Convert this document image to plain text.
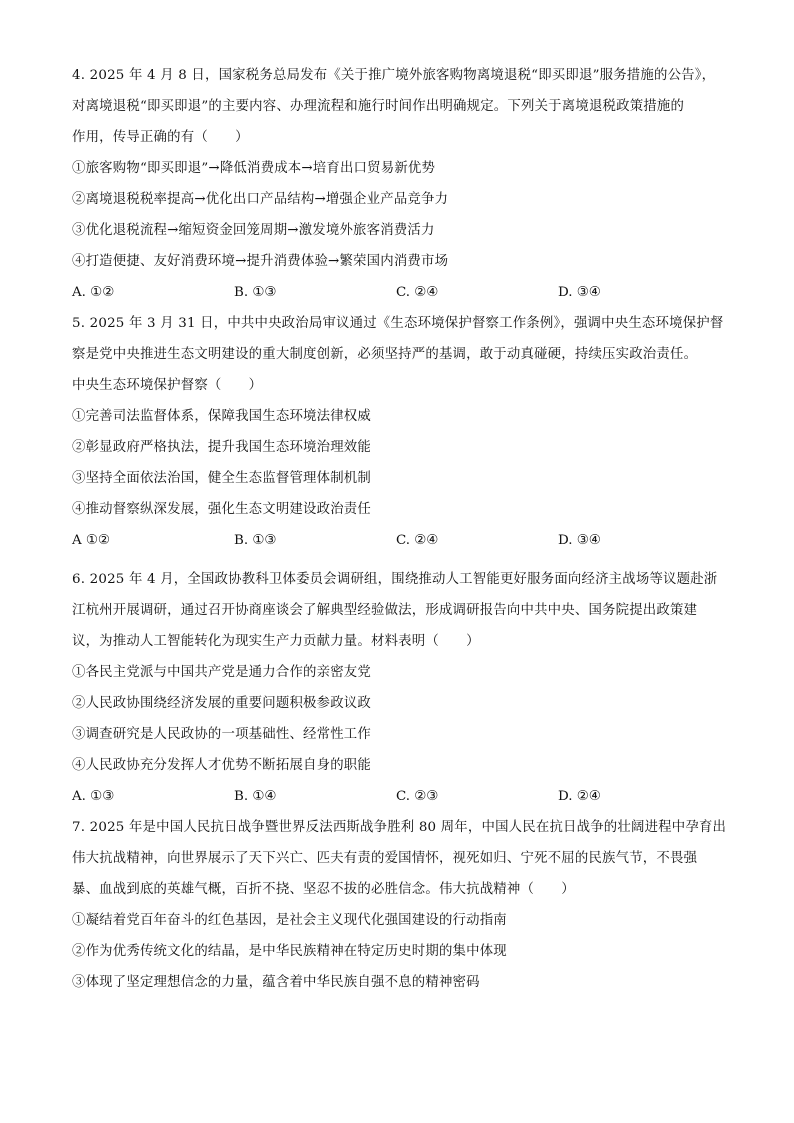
4. 2025 年 4 月 8 日，国家税务总局发布《关于推广境外旅客购物离境退税“即买即退”服务措施的公告》，
对离境退税“即买即退”的主要内容、办理流程和施行时间作出明确规定。下列关于离境退税政策措施的
作用，传导正确的有（　　）
①旅客购物“即买即退”→降低消费成本→培育出口贸易新优势
②离境退税税率提高→优化出口产品结构→增强企业产品竞争力
③优化退税流程→缩短资金回笼周期→激发境外旅客消费活力
④打造便捷、友好消费环境→提升消费体验→繁荣国内消费市场
A. ①②	B. ①③	C. ②④	D. ③④
5. 2025 年 3 月 31 日，中共中央政治局审议通过《生态环境保护督察工作条例》，强调中央生态环境保护督
察是党中央推进生态文明建设的重大制度创新，必须坚持严的基调，敢于动真碰硬，持续压实政治责任。
中央生态环境保护督察（　　）
①完善司法监督体系，保障我国生态环境法律权威
②彰显政府严格执法，提升我国生态环境治理效能
③坚持全面依法治国，健全生态监督管理体制机制
④推动督察纵深发展，强化生态文明建设政治责任
A ①②	B. ①③	C. ②④	D. ③④
6. 2025 年 4 月，全国政协教科卫体委员会调研组，围绕推动人工智能更好服务面向经济主战场等议题赴浙
江杭州开展调研，通过召开协商座谈会了解典型经验做法，形成调研报告向中共中央、国务院提出政策建
议，为推动人工智能转化为现实生产力贡献力量。材料表明（　　）
①各民主党派与中国共产党是通力合作的亲密友党
②人民政协围绕经济发展的重要问题积极参政议政
③调查研究是人民政协的一项基础性、经常性工作
④人民政协充分发挥人才优势不断拓展自身的职能
A. ①③	B. ①④	C. ②③	D. ②④
7. 2025 年是中国人民抗日战争暨世界反法西斯战争胜利 80 周年，中国人民在抗日战争的壮阔进程中孕育出
伟大抗战精神，向世界展示了天下兴亡、匹夫有责的爱国情怀，视死如归、宁死不屈的民族气节，不畏强
暴、血战到底的英雄气概，百折不挠、坚忍不拔的必胜信念。伟大抗战精神（　　）
①凝结着党百年奋斗的红色基因，是社会主义现代化强国建设的行动指南
②作为优秀传统文化的结晶，是中华民族精神在特定历史时期的集中体现
③体现了坚定理想信念的力量，蕴含着中华民族自强不息的精神密码
